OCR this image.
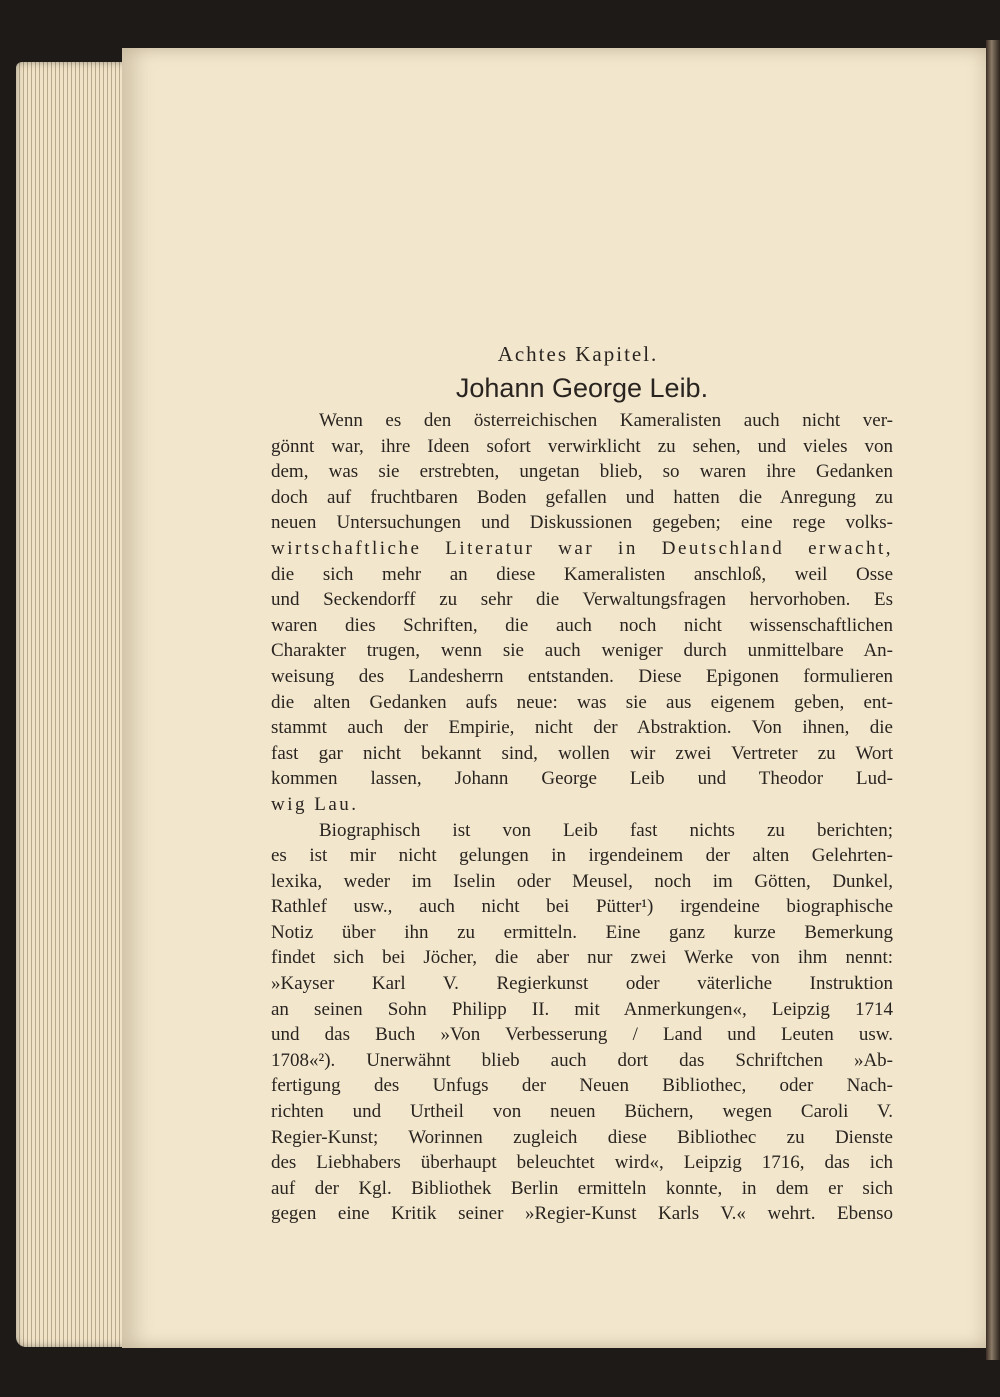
Achtes Kapitel.
Johann George Leib.
Wenn es den österreichischen Kameralisten auch nicht ver-
gönnt war, ihre Ideen sofort verwirklicht zu sehen, und vieles von
dem, was sie erstrebten, ungetan blieb, so waren ihre Gedanken
doch auf fruchtbaren Boden gefallen und hatten die Anregung zu
neuen Untersuchungen und Diskussionen gegeben; eine rege volks-
wirtschaftliche Literatur war in Deutschland erwacht,
die sich mehr an diese Kameralisten anschloß, weil Osse
und Seckendorff zu sehr die Verwaltungsfragen hervorhoben. Es
waren dies Schriften, die auch noch nicht wissenschaftlichen
Charakter trugen, wenn sie auch weniger durch unmittelbare An-
weisung des Landesherrn entstanden. Diese Epigonen formulieren
die alten Gedanken aufs neue: was sie aus eigenem geben, ent-
stammt auch der Empirie, nicht der Abstraktion. Von ihnen, die
fast gar nicht bekannt sind, wollen wir zwei Vertreter zu Wort
kommen lassen, Johann George Leib und Theodor Lud-
wig Lau.
Biographisch ist von Leib fast nichts zu berichten;
es ist mir nicht gelungen in irgendeinem der alten Gelehrten-
lexika, weder im Iselin oder Meusel, noch im Götten, Dunkel,
Rathlef usw., auch nicht bei Pütter¹) irgendeine biographische
Notiz über ihn zu ermitteln. Eine ganz kurze Bemerkung
findet sich bei Jöcher, die aber nur zwei Werke von ihm nennt:
»Kayser Karl V. Regierkunst oder väterliche Instruktion
an seinen Sohn Philipp II. mit Anmerkungen«, Leipzig 1714
und das Buch »Von Verbesserung / Land und Leuten usw.
1708«²). Unerwähnt blieb auch dort das Schriftchen »Ab-
fertigung des Unfugs der Neuen Bibliothec, oder Nach-
richten und Urtheil von neuen Büchern, wegen Caroli V.
Regier-Kunst; Worinnen zugleich diese Bibliothec zu Dienste
des Liebhabers überhaupt beleuchtet wird«, Leipzig 1716, das ich
auf der Kgl. Bibliothek Berlin ermitteln konnte, in dem er sich
gegen eine Kritik seiner »Regier-Kunst Karls V.« wehrt. Ebenso
